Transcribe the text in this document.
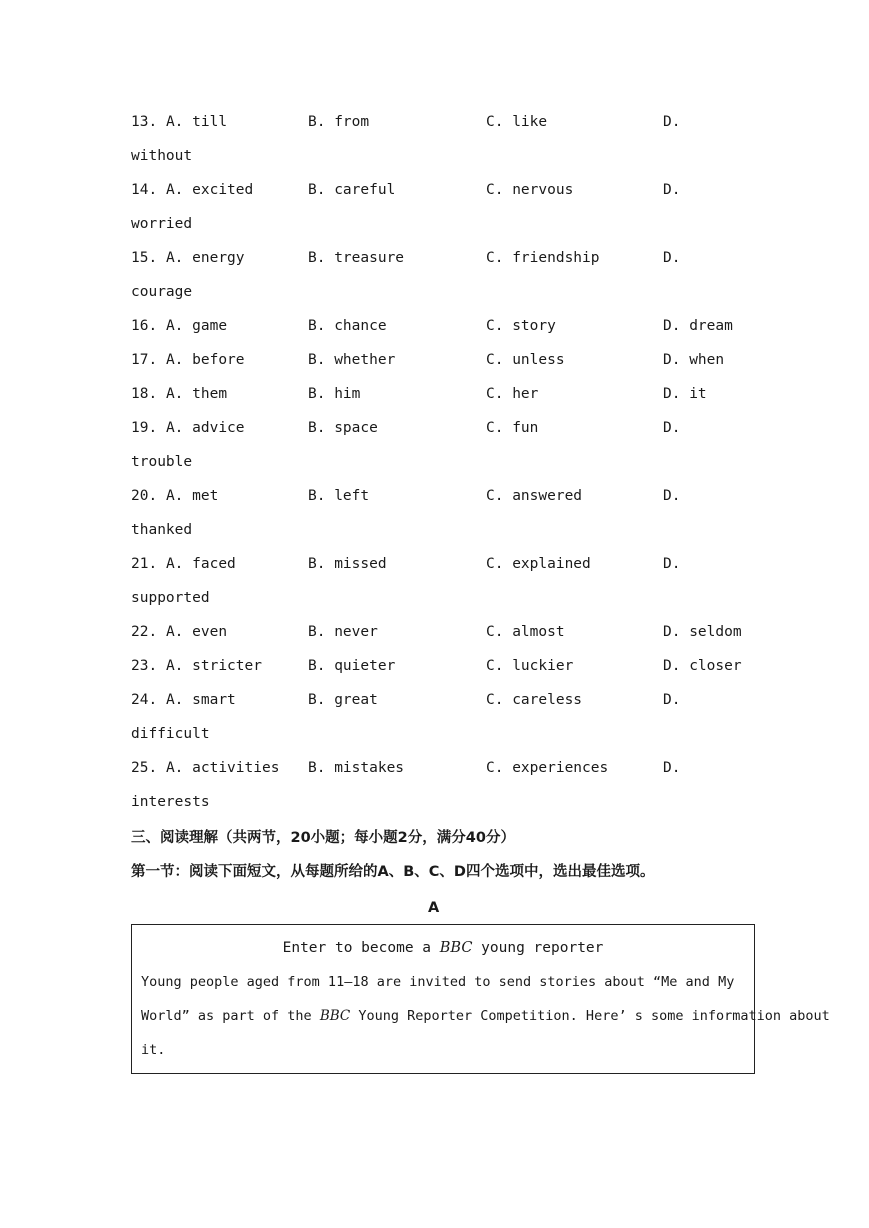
13. A. till	B. from	C. like	D.
without
14. A. excited	B. careful	C. nervous	D.
worried
15. A. energy	B. treasure	C. friendship	D.
courage
16. A. game	B. chance	C. story	D. dream
17. A. before	B. whether	C. unless	D. when
18. A. them	B. him	C. her	D. it
19. A. advice	B. space	C. fun	D.
trouble
20. A. met	B. left	C. answered	D.
thanked
21. A. faced	B. missed	C. explained	D.
supported
22. A. even	B. never	C. almost	D. seldom
23. A. stricter	B. quieter	C. luckier	D. closer
24. A. smart	B. great	C. careless	D.
difficult
25. A. activities B. mistakes	C. experiences	D.
interests
三、阅读理解（共两节，20小题；每小题2分，满分40分）
第一节：阅读下面短文，从每题所给的A、B、C、D四个选项中，选出最佳选项。
A
Enter to become a BBC young reporter
Young people aged from 11—18 are invited to send stories about “Me and My
World” as part of the BBC Young Reporter Competition. Here’ s some information about
it.
